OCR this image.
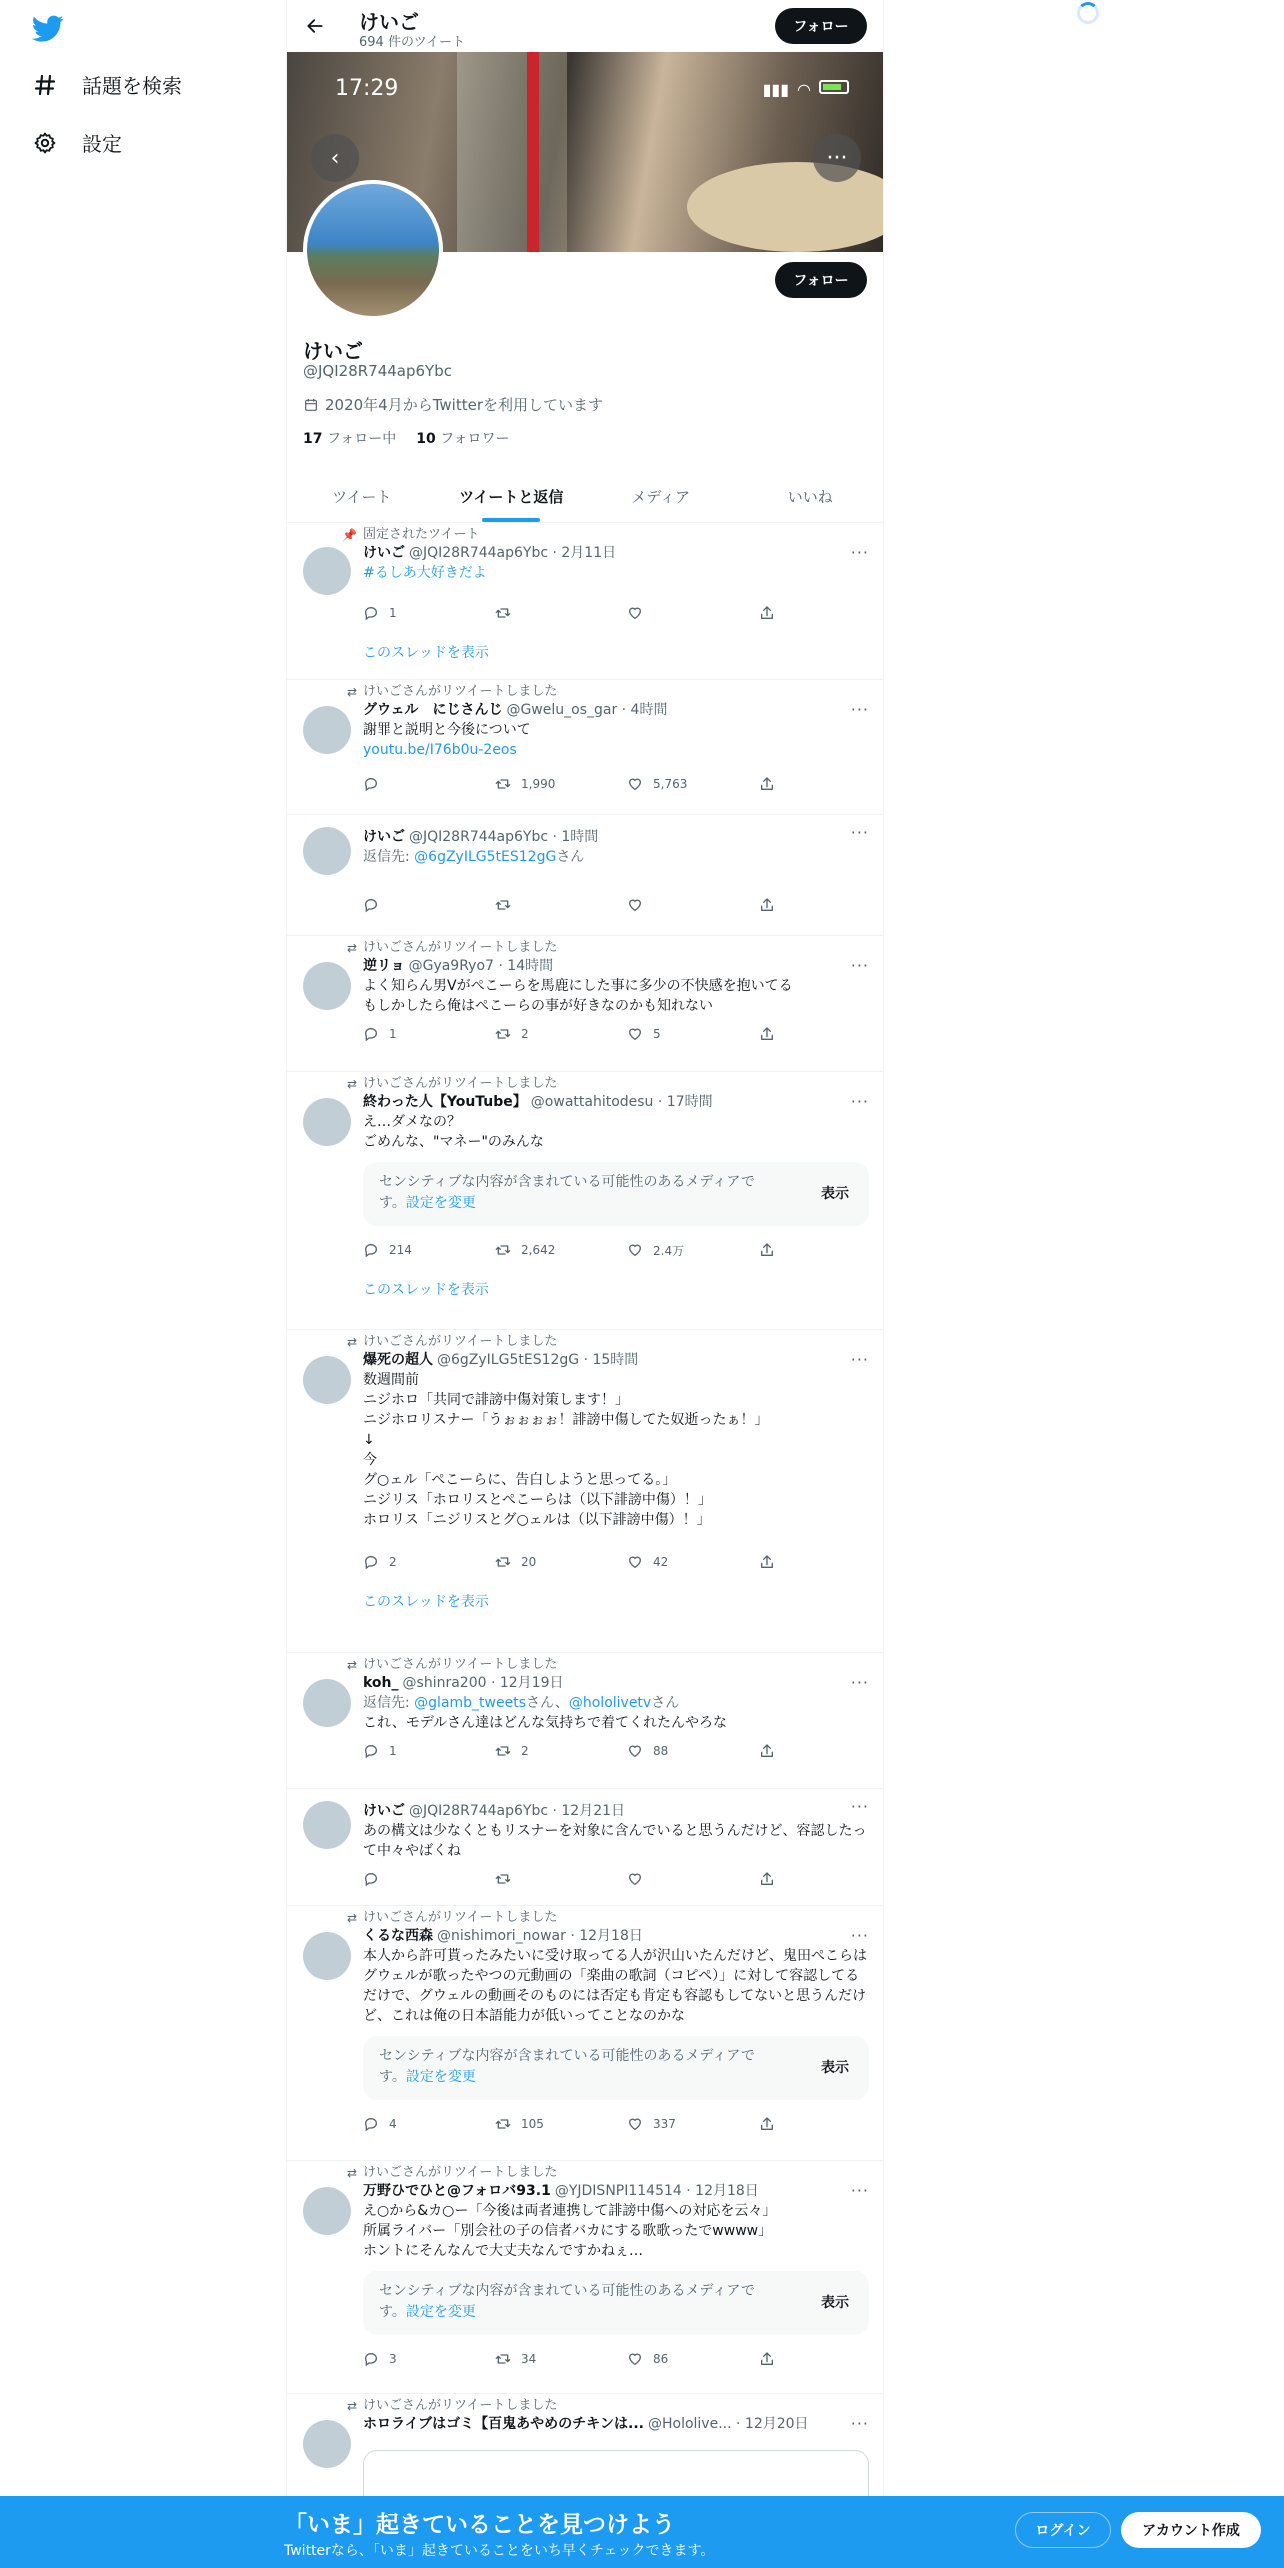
話題を検索
設定
けいご
694 件のツイート
フォロー
17:29	▮▮▮ ◠
‹	···
フォロー
けいご
@JQI28R744ap6Ybc
2020年4月からTwitterを利用しています
17 フォロー中 10 フォロワー
ツイート	ツイートと返信	メディア	いいね
📌 固定されたツイート
···
けいご @JQI28R744ap6Ybc · 2月11日
#るしあ大好きだよ
1
このスレッドを表示
⇄ けいごさんがリツイートしました
···
グウェル　にじさんじ @Gwelu_os_gar · 4時間
謝罪と説明と今後について
youtu.be/I76b0u-2eos
1,990	5,763
···
けいご @JQI28R744ap6Ybc · 1時間
返信先: @6gZyILG5tES12gGさん
⇄ けいごさんがリツイートしました
···
逆リョ @Gya9Ryo7 · 14時間
よく知らん男Vがぺこーらを馬鹿にした事に多少の不快感を抱いてる
もしかしたら俺はぺこーらの事が好きなのかも知れない
1	2	5
⇄ けいごさんがリツイートしました
···
終わった人【YouTube】 @owattahitodesu · 17時間
え…ダメなの？
ごめんな、"マネー"のみんな
センシティブな内容が含まれている可能性のあるメディアです。設定を変更
表示
214	2,642	2.4万
このスレッドを表示
⇄ けいごさんがリツイートしました
···
爆死の超人 @6gZyILG5tES12gG · 15時間
数週間前
ニジホロ「共同で誹謗中傷対策します！」
ニジホロリスナー「うぉぉぉぉ！誹謗中傷してた奴逝ったぁ！」
↓
今
グ○ェル「ぺこーらに、告白しようと思ってる。」
ニジリス「ホロリスとぺこーらは（以下誹謗中傷）！」
ホロリス「ニジリスとグ○ェルは（以下誹謗中傷）！」
2	20	42
このスレッドを表示
⇄ けいごさんがリツイートしました
···
koh_ @shinra200 · 12月19日
返信先: @glamb_tweetsさん、@hololivetvさん
これ、モデルさん達はどんな気持ちで着てくれたんやろな
1	2	88
···
けいご @JQI28R744ap6Ybc · 12月21日
あの構文は少なくともリスナーを対象に含んでいると思うんだけど、容認したって中々やばくね
⇄ けいごさんがリツイートしました
···
くるな西森 @nishimori_nowar · 12月18日
本人から許可貰ったみたいに受け取ってる人が沢山いたんだけど、鬼田ぺこらはグウェルが歌ったやつの元動画の「楽曲の歌詞（コピペ）」に対して容認してるだけで、グウェルの動画そのものには否定も肯定も容認もしてないと思うんだけど、これは俺の日本語能力が低いってことなのかな
センシティブな内容が含まれている可能性のあるメディアです。設定を変更
表示
4	105	337
⇄ けいごさんがリツイートしました
···
万野ひでひと@フォロバ93.1 @YJDISNPI114514 · 12月18日
え○から&カ○ー「今後は両者連携して誹謗中傷への対応を云々」
所属ライバー「別会社の子の信者バカにする歌歌ったでwwww」
ホントにそんなんで大丈夫なんですかねぇ…
センシティブな内容が含まれている可能性のあるメディアです。設定を変更
表示
3	34	86
⇄ けいごさんがリツイートしました
···
ホロライブはゴミ【百鬼あやめのチキンは... @Hololive... · 12月20日
「いま」起きていることを見つけよう
Twitterなら、「いま」起きていることをいち早くチェックできます。
ログイン	アカウント作成
